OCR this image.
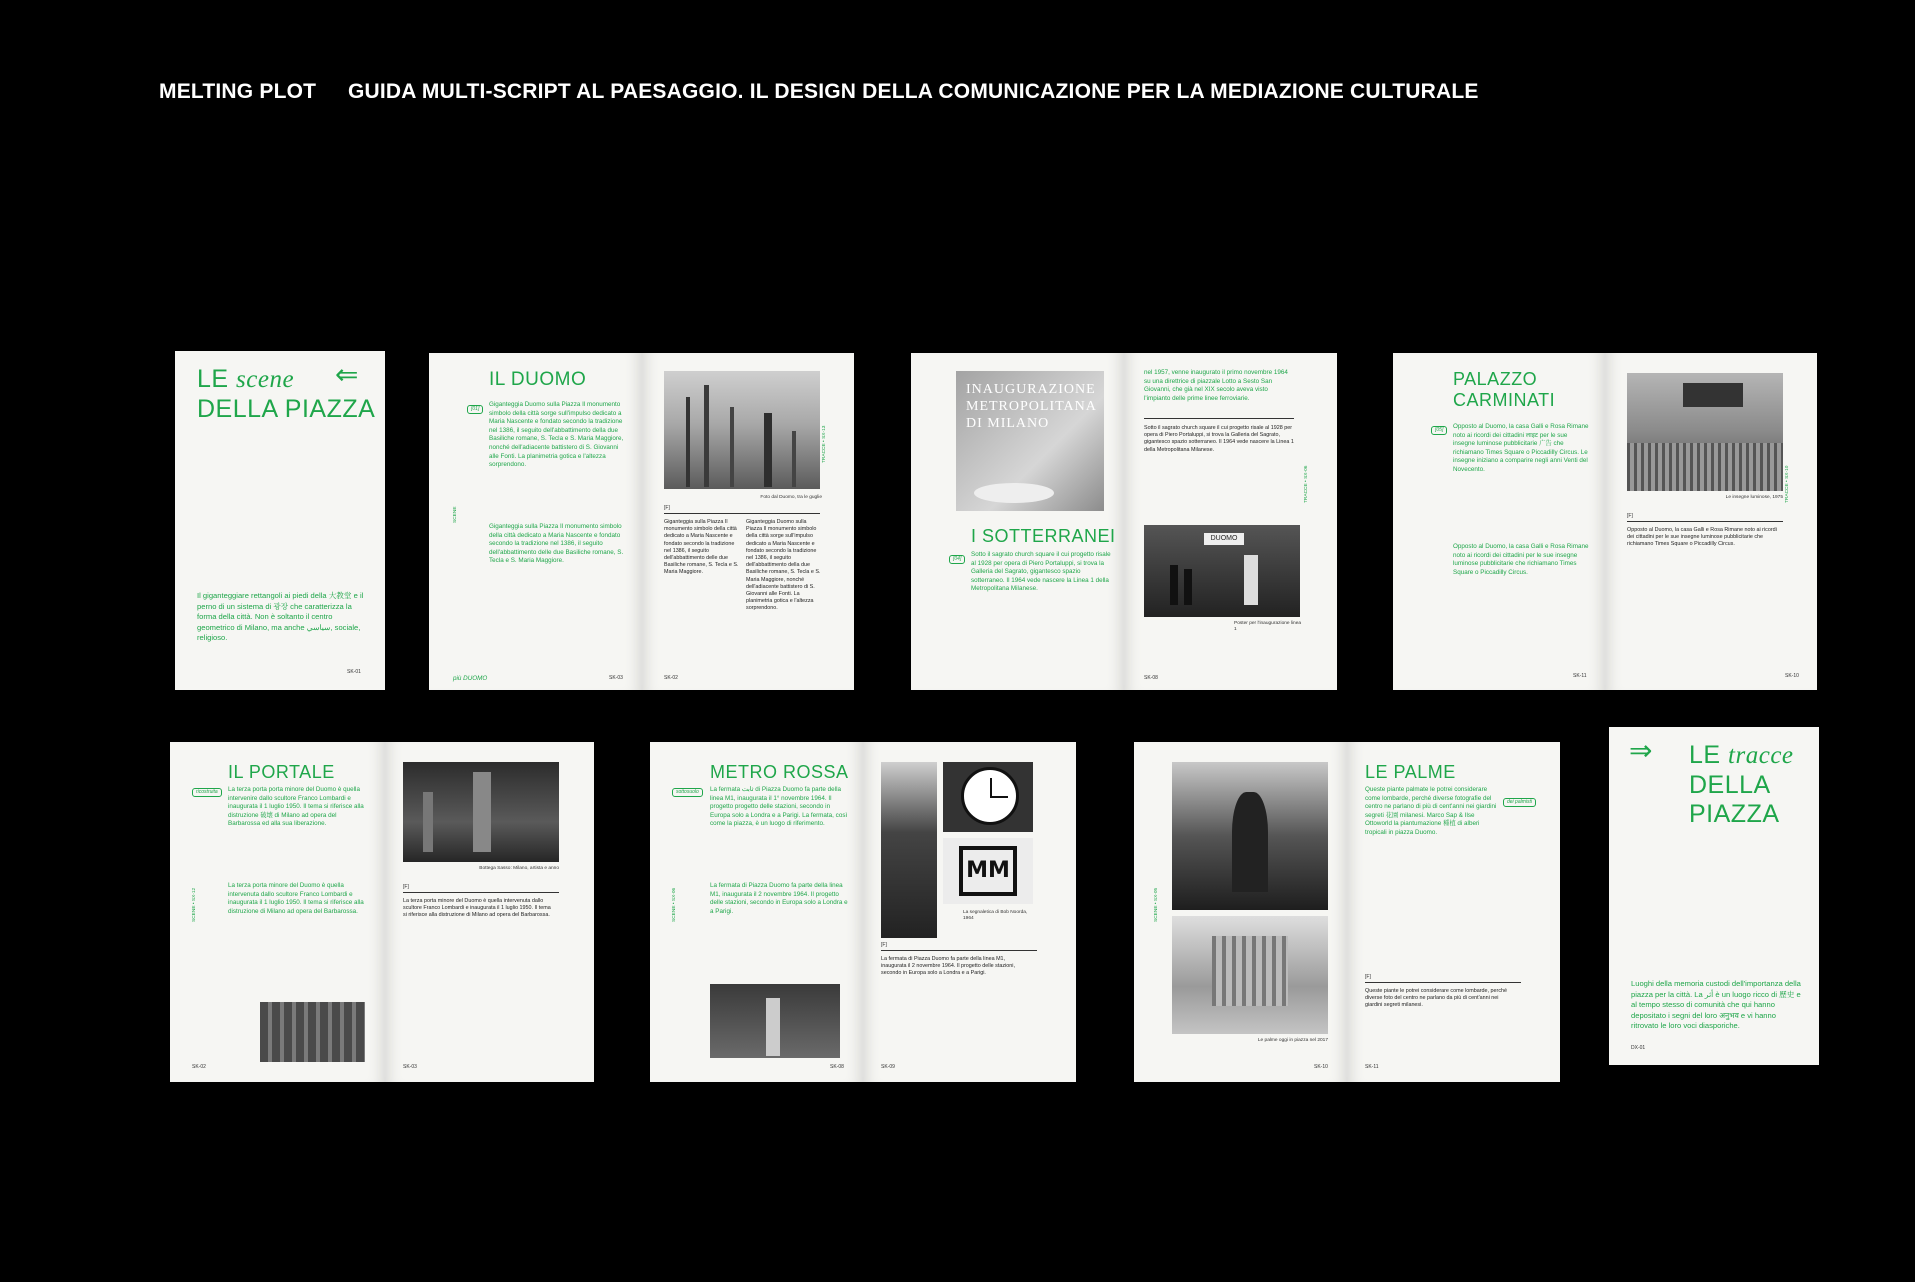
MELTING PLOT GUIDA MULTI-SCRIPT AL PAESAGGIO. IL DESIGN DELLA COMUNICAZIONE PER LA MEDIAZIONE CULTURALE
LE scene
DELLA PIAZZA
⇐
Il giganteggiare rettangoli ai piedi della 大教堂 e il perno di un sistema di 광장 che caratterizza la forma della città. Non è soltanto il centro geometrico di Milano, ma anche سياسي, sociale, religioso.
SK-01
IL DUOMO
[01]
Giganteggia Duomo sulla Piazza Il monumento simbolo della città sorge sull'impulso dedicato a Maria Nascente e fondato secondo la tradizione nel 1386, il seguito dell'abbattimento della due Basiliche romane, S. Tecla e S. Maria Maggiore, nonché dell'adiacente battistero di S. Giovanni alle Fonti. La planimetria gotica e l'altezza sorprendono.
Giganteggia sulla Piazza Il monumento simbolo della città dedicato a Maria Nascente e fondato secondo la tradizione nel 1386, il seguito dell'abbattimento delle due Basiliche romane, S. Tecla e S. Maria Maggiore.
SCENE
più DUOMO	SK-03
Foto dal Duomo, tra le guglie
[F]
Giganteggia sulla Piazza Il monumento simbolo della città dedicato a Maria Nascente e fondato secondo la tradizione nel 1386, il seguito dell'abbattimento delle due Basiliche romane, S. Tecla e S. Maria Maggiore.
Giganteggia Duomo sulla Piazza Il monumento simbolo della città sorge sull'impulso dedicato a Maria Nascente e fondato secondo la tradizione nel 1386, il seguito dell'abbattimento della due Basiliche romane, S. Tecla e S. Maria Maggiore, nonché dell'adiacente battistero di S. Giovanni alle Fonti. La planimetria gotica e l'altezza sorprendono.
TRACCE • SX-13
SK-02
INAUGURAZIONE METROPOLITANA DI MILANO
I SOTTERRANEI
[04]
Sotto il sagrato church square il cui progetto risale al 1928 per opera di Piero Portaluppi, si trova la Galleria del Sagrato, gigantesco spazio sotterraneo. Il 1964 vede nascere la Linea 1 della Metropolitana Milanese.
nel 1957, venne inaugurato il primo novembre 1964 su una direttrice di piazzale Lotto a Sesto San Giovanni, che già nel XIX secolo aveva visto l'impianto delle prime linee ferroviarie.
Sotto il sagrato church square il cui progetto risale al 1928 per opera di Piero Portaluppi, si trova la Galleria del Sagrato, gigantesco spazio sotterraneo. Il 1964 vede nascere la Linea 1 della Metropolitana Milanese.
DUOMO
Poster per l'inaugurazione linea 1
TRACCE • SX-06
SK-08
PALAZZO CARMINATI
[05]	Opposto al Duomo, la casa Galli e Rosa Rimane noto ai ricordi dei cittadini लाइट per le sue insegne luminose pubblicitarie 广告 che richiamano Times Square o Piccadilly Circus. Le insegne iniziano a comparire negli anni Venti del Novecento.
Opposto al Duomo, la casa Galli e Rosa Rimane noto ai ricordi dei cittadini per le sue insegne luminose pubblicitarie che richiamano Times Square o Piccadilly Circus.
SK-11
Le insegne luminose, 1975
[F]
Opposto al Duomo, la casa Galli e Rosa Rimane noto ai ricordi dei cittadini per le sue insegne luminose pubblicitarie che richiamano Times Square o Piccadilly Circus.
TRACCE • SX-10
SK-10
IL PORTALE
ricostruita	La terza porta porta minore del Duomo è quella intervenire dallo scultore Franco Lombardi e inaugurata il 1 luglio 1950. Il tema si riferisce alla distruzione 破壊 di Milano ad opera del Barbarossa ed alla sua liberazione.
La terza porta minore del Duomo è quella intervenuta dallo scultore Franco Lombardi e inaugurata il 1 luglio 1950. Il tema si riferisce alla distruzione di Milano ad opera del Barbarossa.
SCENE • SX-12
SK-02
Bottega Sasso: Milano, artista e anno
[F]
La terza porta minore del Duomo è quella intervenuta dallo scultore Franco Lombardi e inaugurata il 1 luglio 1950. Il tema si riferisce alla distruzione di Milano ad opera del Barbarossa.
SK-03
METRO ROSSA
sottosuolo	La fermata ثابت di Piazza Duomo fa parte della linea M1, inaugurata il 1° novembre 1964. Il progetto progetto delle stazioni, secondo in Europa solo a Londra e a Parigi. La fermata, così come la piazza, è un luogo di riferimento.
La fermata di Piazza Duomo fa parte della linea M1, inaugurata il 2 novembre 1964. Il progetto delle stazioni, secondo in Europa solo a Londra e a Parigi.
SCENE • SX-06
SK-08
MM
La segnaletica di Bob Noorda, 1964
[F]
La fermata di Piazza Duomo fa parte della linea M1, inaugurata il 2 novembre 1964. Il progetto delle stazioni, secondo in Europa solo a Londra e a Parigi.
SK-09
Le palme oggi in piazza nel 2017
SCENE • SX-05
SK-10
LE PALME
dei palmisti
Queste piante palmate le potrei considerare come lombarde, perché diverse fotografie del centro ne parlano di più di cent'anni nei giardini segreti 花園 milanesi. Marco Sap & Ilse Ottoworld la piantumazione 種植 di alberi tropicali in piazza Duomo.
[F]
Queste piante le potrei considerare come lombarde, perché diverse foto del centro ne parlano da più di cent'anni nei giardini segreti milanesi.
SK-11
⇒ LE tracce
DELLA PIAZZA
Luoghi della memoria custodi dell'importanza della piazza per la città. La أثر è un luogo ricco di 歷史 e al tempo stesso di comunità che qui hanno depositato i segni del loro अनुभव e vi hanno ritrovato le loro voci diasporiche.
DX-01
